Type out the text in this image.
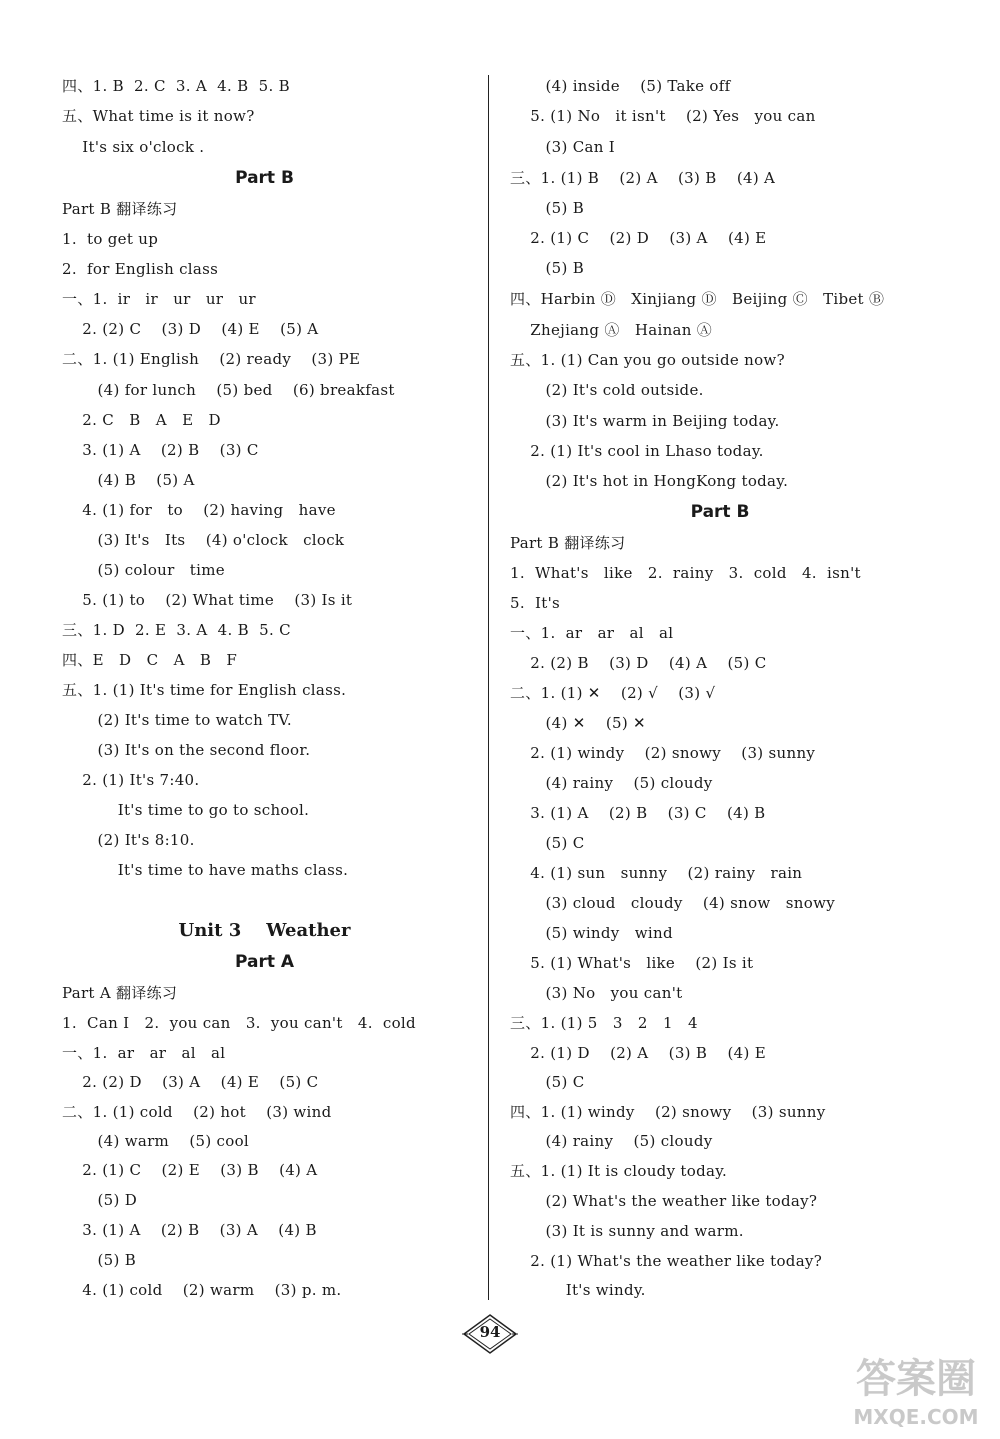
四、1. B  2. C  3. A  4. B  5. B
五、What time is it now?
It's six o'clock .
Part B
Part B 翻译练习
1.  to get up
2.  for English class
一、1.  ir   ir   ur   ur   ur
2. (2) C    (3) D    (4) E    (5) A
二、1. (1) English    (2) ready    (3) PE
(4) for lunch    (5) bed    (6) breakfast
2. C   B   A   E   D
3. (1) A    (2) B    (3) C
(4) B    (5) A
4. (1) for   to    (2) having   have
(3) It's   Its    (4) o'clock   clock
(5) colour   time
5. (1) to    (2) What time    (3) Is it
三、1. D  2. E  3. A  4. B  5. C
四、E   D   C   A   B   F
五、1. (1) It's time for English class.
(2) It's time to watch TV.
(3) It's on the second floor.
2. (1) It's 7:40.
It's time to go to school.
(2) It's 8:10.
It's time to have maths class.
Unit 3    Weather
Part A
Part A 翻译练习
1.  Can I   2.  you can   3.  you can't   4.  cold
一、1.  ar   ar   al   al
2. (2) D    (3) A    (4) E    (5) C
二、1. (1) cold    (2) hot    (3) wind
(4) warm    (5) cool
2. (1) C    (2) E    (3) B    (4) A
(5) D
3. (1) A    (2) B    (3) A    (4) B
(5) B
4. (1) cold    (2) warm    (3) p. m.
(4) inside    (5) Take off
5. (1) No   it isn't    (2) Yes   you can
(3) Can I
三、1. (1) B    (2) A    (3) B    (4) A
(5) B
2. (1) C    (2) D    (3) A    (4) E
(5) B
四、Harbin Ⓓ   Xinjiang Ⓓ   Beijing Ⓒ   Tibet Ⓑ
Zhejiang Ⓐ   Hainan Ⓐ
五、1. (1) Can you go outside now?
(2) It's cold outside.
(3) It's warm in Beijing today.
2. (1) It's cool in Lhaso today.
(2) It's hot in HongKong today.
Part B
Part B 翻译练习
1.  What's   like   2.  rainy   3.  cold   4.  isn't
5.  It's
一、1.  ar   ar   al   al
2. (2) B    (3) D    (4) A    (5) C
二、1. (1) ✕    (2) √    (3) √
(4) ✕    (5) ✕
2. (1) windy    (2) snowy    (3) sunny
(4) rainy    (5) cloudy
3. (1) A    (2) B    (3) C    (4) B
(5) C
4. (1) sun   sunny    (2) rainy   rain
(3) cloud   cloudy    (4) snow   snowy
(5) windy   wind
5. (1) What's   like    (2) Is it
(3) No   you can't
三、1. (1) 5   3   2   1   4
2. (1) D    (2) A    (3) B    (4) E
(5) C
四、1. (1) windy    (2) snowy    (3) sunny
(4) rainy    (5) cloudy
五、1. (1) It is cloudy today.
(2) What's the weather like today?
(3) It is sunny and warm.
2. (1) What's the weather like today?
It's windy.
94
答案圈
MXQE.COM
